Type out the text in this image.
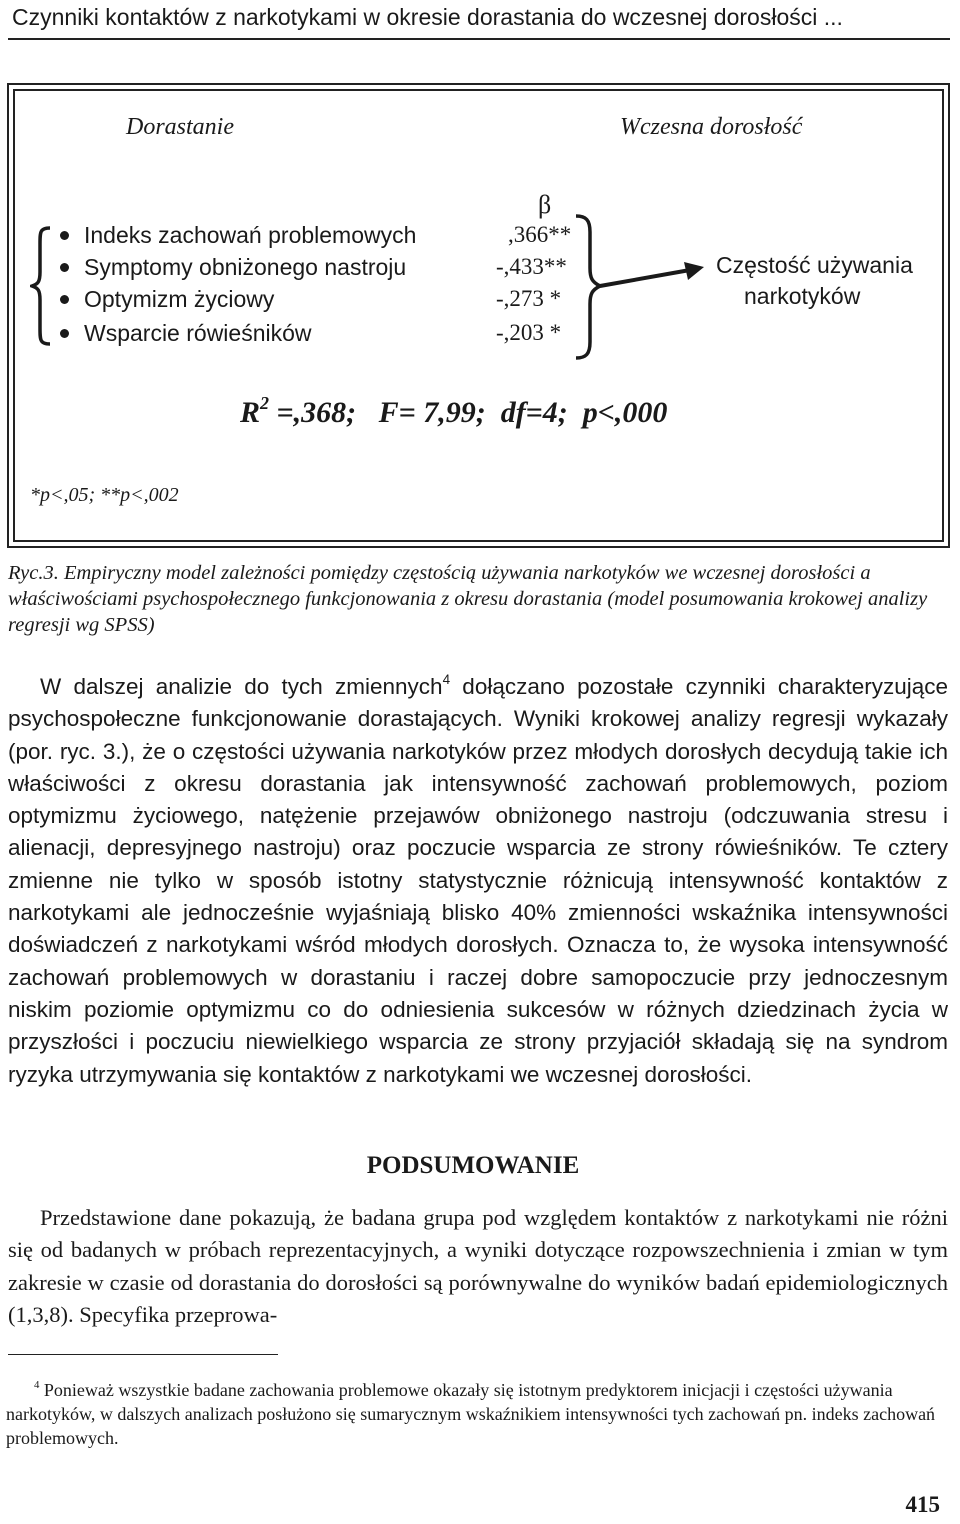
Czynniki kontaktów z narkotykami w okresie dorastania do wczesnej dorosłości ...
Dorastanie	Wczesna dorosłość
β
Indeks zachowań problemowych
Symptomy obniżonego nastroju
Optymizm życiowy
Wsparcie rówieśników
,366**
-,433**
-,273 *
-,203 *
Częstość używania
narkotyków
$R^2 =,368$;   F= 7,99;  df=4;  p<,000
*p<,05; **p<,002
Ryc.3. Empiryczny model zależności pomiędzy częstością używania narkotyków we wczesnej dorosłości a właściwościami psychospołecznego funkcjonowania z okresu dorastania (model posumowania krokowej analizy regresji wg SPSS)

W dalszej analizie do tych zmiennych$^4$ dołączano pozostałe czynniki charakteryzujące psychospołeczne funkcjonowanie dorastających. Wyniki krokowej analizy regresji wykazały (por. ryc. 3.), że o częstości używania narkotyków przez młodych dorosłych decydują takie ich właściwości z okresu dorastania jak intensywność zachowań problemowych, poziom optymizmu życiowego, natężenie przejawów obniżonego nastroju (odczuwania stresu i alienacji, depresyjnego nastroju) oraz poczucie wsparcia ze strony rówieśników. Te cztery zmienne nie tylko w sposób istotny statystycznie różnicują intensywność kontaktów z narkotykami ale jednocześnie wyjaśniają blisko 40% zmienności wskaźnika intensywności doświadczeń z narkotykami wśród młodych dorosłych. Oznacza to, że wysoka intensywność zachowań problemowych w dorastaniu i raczej dobre samopoczucie przy jednoczesnym niskim poziomie optymizmu co do odniesienia sukcesów w różnych dziedzinach życia w przyszłości i poczuciu niewielkiego wsparcia ze strony przyjaciół składają się na syndrom ryzyka utrzymywania się kontaktów z narkotykami we wczesnej dorosłości.

PODSUMOWANIE

Przedstawione dane pokazują, że badana grupa pod względem kontaktów z narkotykami nie różni się od badanych w próbach reprezentacyjnych, a wyniki dotyczące rozpowszechnienia i zmian w tym zakresie w czasie od dorastania do dorosłości są porównywalne do wyników badań epidemiologicznych (1,3,8). Specyfika przeprowa-

$^4$ Ponieważ wszystkie badane zachowania problemowe okazały się istotnym predyktorem inicjacji i częstości używania narkotyków, w dalszych analizach posłużono się sumarycznym wskaźnikiem intensywności tych zachowań pn. indeks zachowań problemowych.

415
